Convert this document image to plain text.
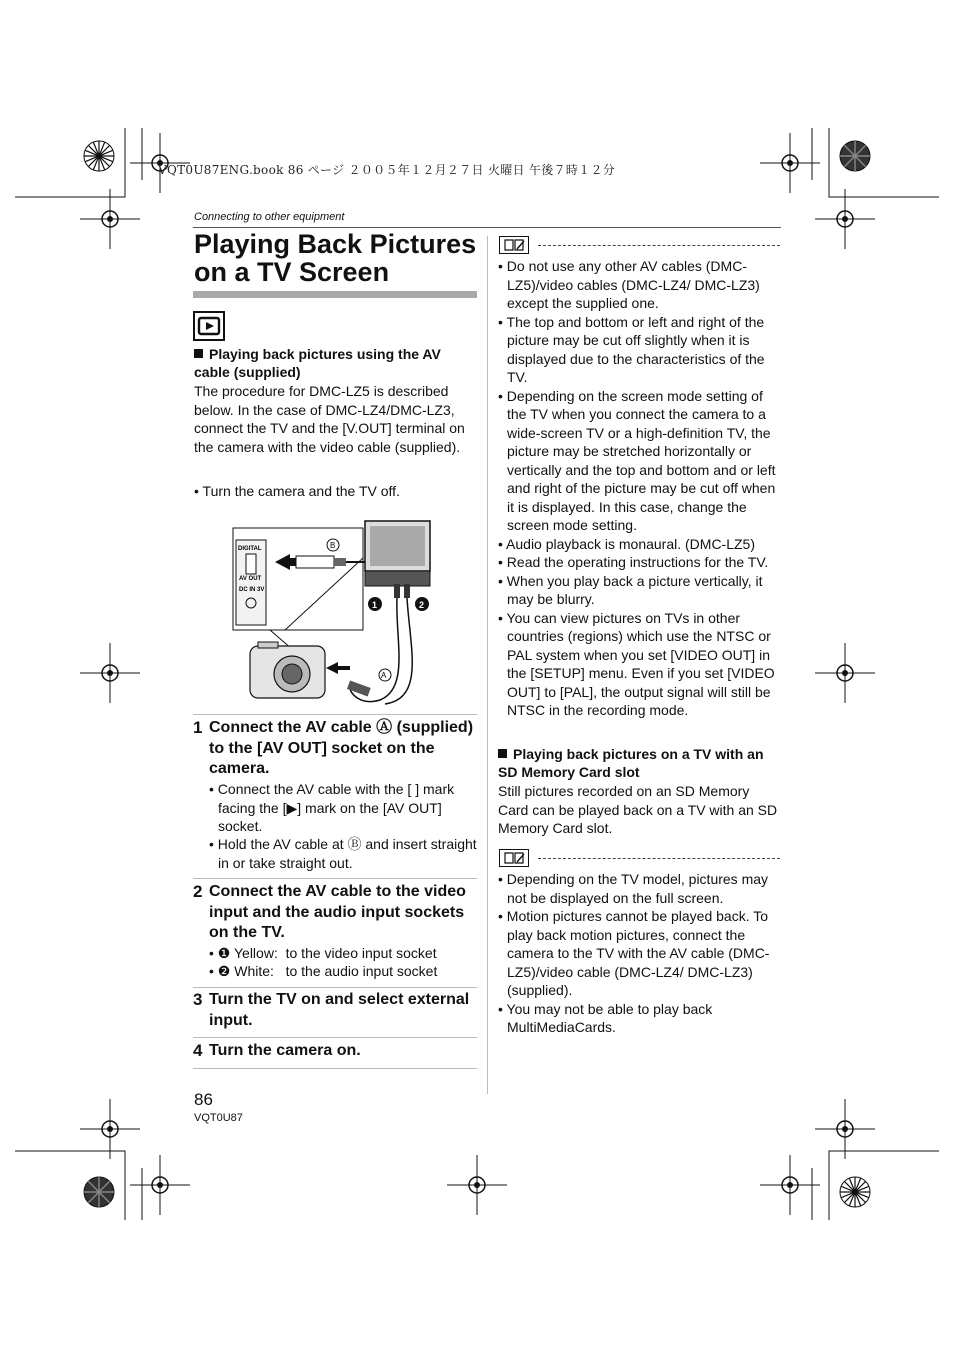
VQT0U87ENG.book 86 ページ ２００５年１２月２７日 火曜日 午後７時１２分
Connecting to other equipment
Playing Back Pictures on a TV Screen
Playing back pictures using the AV cable (supplied)
The procedure for DMC-LZ5 is described below. In the case of DMC-LZ4/DMC-LZ3, connect the TV and the [V.OUT] terminal on the camera with the video cable (supplied).
• Turn the camera and the TV off.
DIGITAL
AV OUT
DC IN 3V
B
1	2
A
1 Connect the AV cable Ⓐ (supplied) to the [AV OUT] socket on the camera.
• Connect the AV cable with the [ ] mark facing the [▶] mark on the [AV OUT] socket.
• Hold the AV cable at Ⓑ and insert straight in or take straight out.
2 Connect the AV cable to the video input and the audio input sockets on the TV.
• ❶ Yellow:  to the video input socket
• ❷ White:   to the audio input socket
3 Turn the TV on and select external input.
4 Turn the camera on.
86
VQT0U87
• Do not use any other AV cables (DMC-LZ5)/video cables (DMC-LZ4/ DMC-LZ3) except the supplied one.
• The top and bottom or left and right of the picture may be cut off slightly when it is displayed due to the characteristics of the TV.
• Depending on the screen mode setting of the TV when you connect the camera to a wide-screen TV or a high-definition TV, the picture may be stretched horizontally or vertically and the top and bottom and or left and right of the picture may be cut off when it is displayed. In this case, change the screen mode setting.
• Audio playback is monaural. (DMC-LZ5)
• Read the operating instructions for the TV.
• When you play back a picture vertically, it may be blurry.
• You can view pictures on TVs in other countries (regions) which use the NTSC or PAL system when you set [VIDEO OUT] in the [SETUP] menu. Even if you set [VIDEO OUT] to [PAL], the output signal will still be NTSC in the recording mode.
Playing back pictures on a TV with an SD Memory Card slot
Still pictures recorded on an SD Memory Card can be played back on a TV with an SD Memory Card slot.
• Depending on the TV model, pictures may not be displayed on the full screen.
• Motion pictures cannot be played back. To play back motion pictures, connect the camera to the TV with the AV cable (DMC-LZ5)/video cable (DMC-LZ4/ DMC-LZ3) (supplied).
• You may not be able to play back MultiMediaCards.
